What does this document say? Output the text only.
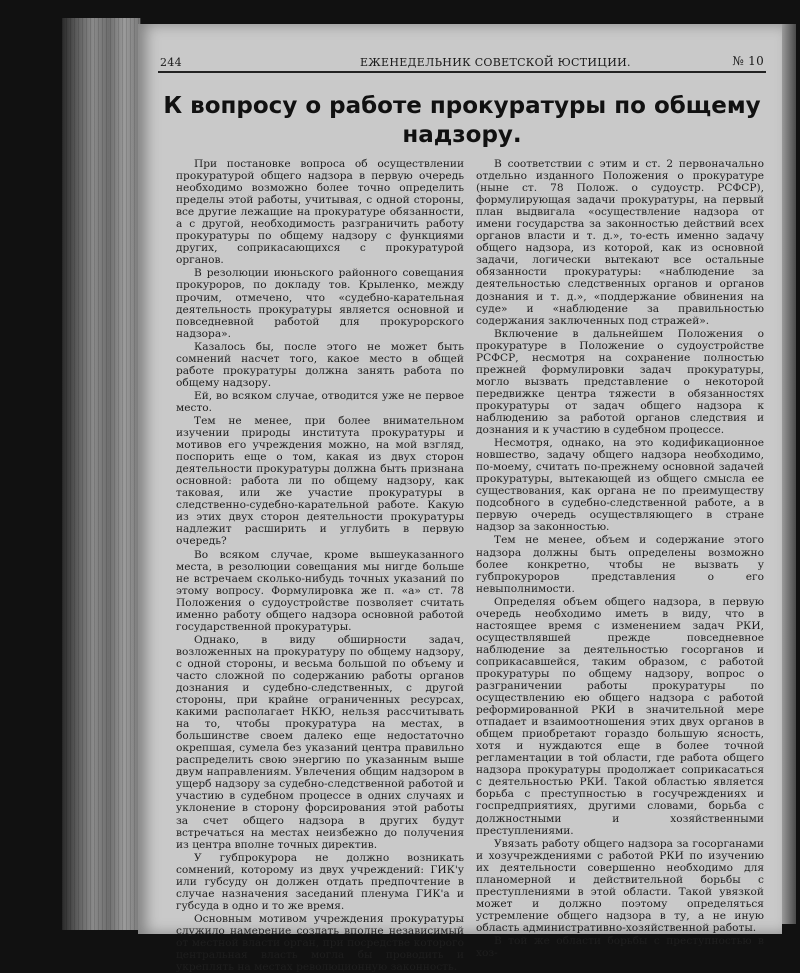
244	ЕЖЕНЕДЕЛЬНИК СОВЕТСКОЙ ЮСТИЦИИ.	№ 10
К вопросу о работе прокуратуры по общему надзору.

При постановке вопроса об осуществлении прокуратурой общего надзора в первую очередь необходимо возможно более точно определить пределы этой работы, учитывая, с одной стороны, все другие лежащие на прокуратуре обязанности, а с другой, необходимость разграничить работу прокуратуры по общему надзору с функциями других, соприкасающихся с прокуратурой органов.

В резолюции июньского районного совещания прокуроров, по докладу тов. Крыленко, между прочим, отмечено, что «судебно-карательная деятельность прокуратуры является основной и повседневной работой для прокурорского надзора».

Казалось бы, после этого не может быть сомнений насчет того, какое место в общей работе прокуратуры должна занять работа по общему надзору.

Ей, во всяком случае, отводится уже не первое место.

Тем не менее, при более внимательном изучении природы института прокуратуры и мотивов его учреждения можно, на мой взгляд, поспорить еще о том, какая из двух сторон деятельности прокуратуры должна быть признана основной: работа ли по общему надзору, как таковая, или же участие прокуратуры в следственно-судебно-карательной работе. Какую из этих двух сторон деятельности прокуратуры надлежит расширить и углубить в первую очередь?

Во всяком случае, кроме вышеуказанного места, в резолюции совещания мы нигде больше не встречаем сколько-нибудь точных указаний по этому вопросу. Формулировка же п. «а» ст. 78 Положения о судоустройстве позволяет считать именно работу общего надзора основной работой государственной прокуратуры.

Однако, в виду обширности задач, возложенных на прокуратуру по общему надзору, с одной стороны, и весьма большой по объему и часто сложной по содержанию работы органов дознания и судебно-следственных, с другой стороны, при крайне ограниченных ресурсах, какими располагает НКЮ, нельзя рассчитывать на то, чтобы прокуратура на местах, в большинстве своем далеко еще недостаточно окрепшая, сумела без указаний центра правильно распределить свою энергию по указанным выше двум направлениям. Увлечения общим надзором в ущерб надзору за судебно-следственной работой и участию в судебном процессе в одних случаях и уклонение в сторону форсирования этой работы за счет общего надзора в других будут встречаться на местах неизбежно до получения из центра вполне точных директив.

У губпрокурора не должно возникать сомнений, которому из двух учреждений: ГИК'у или губсуду он должен отдать предпочтение в случае назначения заседаний пленума ГИК'а и губсуда в одно и то же время.

Основным мотивом учреждения прокуратуры служило намерение создать вполне независимый от местной власти орган, при посредстве которого центральная власть могла бы проводить и укреплять на местах революционную законность.

В соответствии с этим и ст. 2 первоначально отдельно изданного Положения о прокуратуре (ныне ст. 78 Полож. о судоустр. РСФСР), формулирующая задачи прокуратуры, на первый план выдвигала «осуществление надзора от имени государства за законностью действий всех органов власти и т. д.», то-есть именно задачу общего надзора, из которой, как из основной задачи, логически вытекают все остальные обязанности прокуратуры: «наблюдение за деятельностью следственных органов и органов дознания и т. д.», «поддержание обвинения на суде» и «наблюдение за правильностью содержания заключенных под стражей».

Включение в дальнейшем Положения о прокуратуре в Положение о судоустройстве РСФСР, несмотря на сохранение полностью прежней формулировки задач прокуратуры, могло вызвать представление о некоторой передвижке центра тяжести в обязанностях прокуратуры от задач общего надзора к наблюдению за работой органов следствия и дознания и к участию в судебном процессе.

Несмотря, однако, на это кодификационное новшество, задачу общего надзора необходимо, по-моему, считать по-прежнему основной задачей прокуратуры, вытекающей из общего смысла ее существования, как органа не по преимуществу подсобного в судебно-следственной работе, а в первую очередь осуществляющего в стране надзор за законностью.

Тем не менее, объем и содержание этого надзора должны быть определены возможно более конкретно, чтобы не вызвать у губпрокуроров представления о его невыполнимости.

Определяя объем общего надзора, в первую очередь необходимо иметь в виду, что в настоящее время с изменением задач РКИ, осуществлявшей прежде повседневное наблюдение за деятельностью госорганов и соприкасавшейся, таким образом, с работой прокуратуры по общему надзору, вопрос о разграничении работы прокуратуры по осуществлению ею общего надзора с работой реформированной РКИ в значительной мере отпадает и взаимоотношения этих двух органов в общем приобретают гораздо большую ясность, хотя и нуждаются еще в более точной регламентации в той области, где работа общего надзора прокуратуры продолжает соприкасаться с деятельностью РКИ. Такой областью является борьба с преступностью в госучреждениях и госпредприятиях, другими словами, борьба с должностными и хозяйственными преступлениями.

Увязать работу общего надзора за госорганами и хозучреждениями с работой РКИ по изучению их деятельности совершенно необходимо для планомерной и действительной борьбы с преступлениями в этой области. Такой увязкой может и должно поэтому определяться устремление общего надзора в ту, а не иную область административно-хозяйственной работы.

В той же области борьбы с преступностью в хоз-
